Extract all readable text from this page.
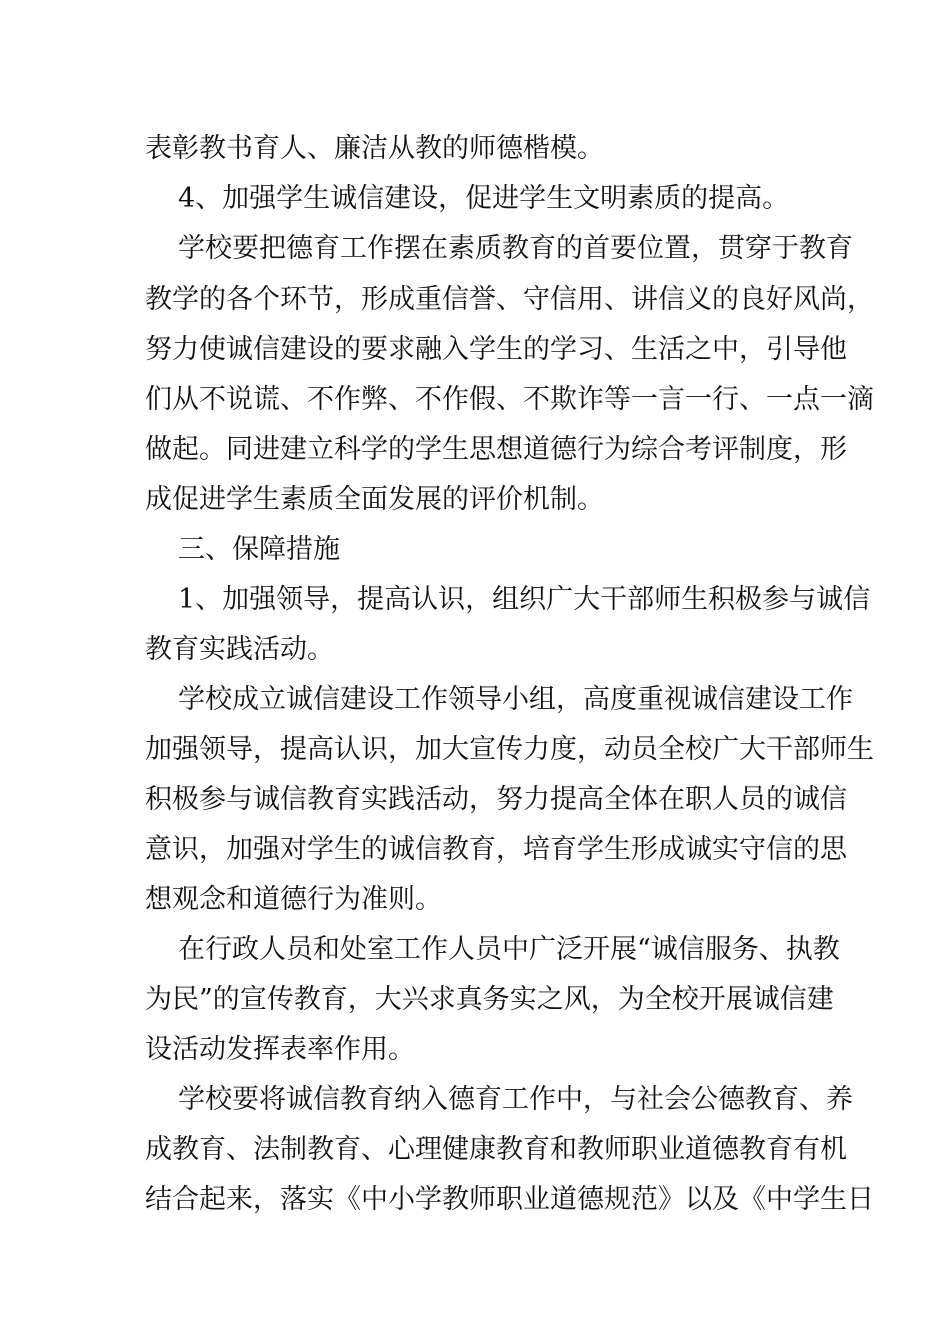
表彰教书育人、廉洁从教的师德楷模。
4、加强学生诚信建设，促进学生文明素质的提高。
学校要把德育工作摆在素质教育的首要位置，贯穿于教育
教学的各个环节，形成重信誉、守信用、讲信义的良好风尚，
努力使诚信建设的要求融入学生的学习、生活之中，引导他
们从不说谎、不作弊、不作假、不欺诈等一言一行、一点一滴
做起。同进建立科学的学生思想道德行为综合考评制度，形
成促进学生素质全面发展的评价机制。
三、保障措施
1、加强领导，提高认识，组织广大干部师生积极参与诚信
教育实践活动。
学校成立诚信建设工作领导小组，高度重视诚信建设工作
加强领导，提高认识，加大宣传力度，动员全校广大干部师生
积极参与诚信教育实践活动，努力提高全体在职人员的诚信
意识，加强对学生的诚信教育，培育学生形成诚实守信的思
想观念和道德行为准则。
在行政人员和处室工作人员中广泛开展“诚信服务、执教
为民”的宣传教育，大兴求真务实之风，为全校开展诚信建
设活动发挥表率作用。
学校要将诚信教育纳入德育工作中，与社会公德教育、养
成教育、法制教育、心理健康教育和教师职业道德教育有机
结合起来，落实《中小学教师职业道德规范》以及《中学生日
